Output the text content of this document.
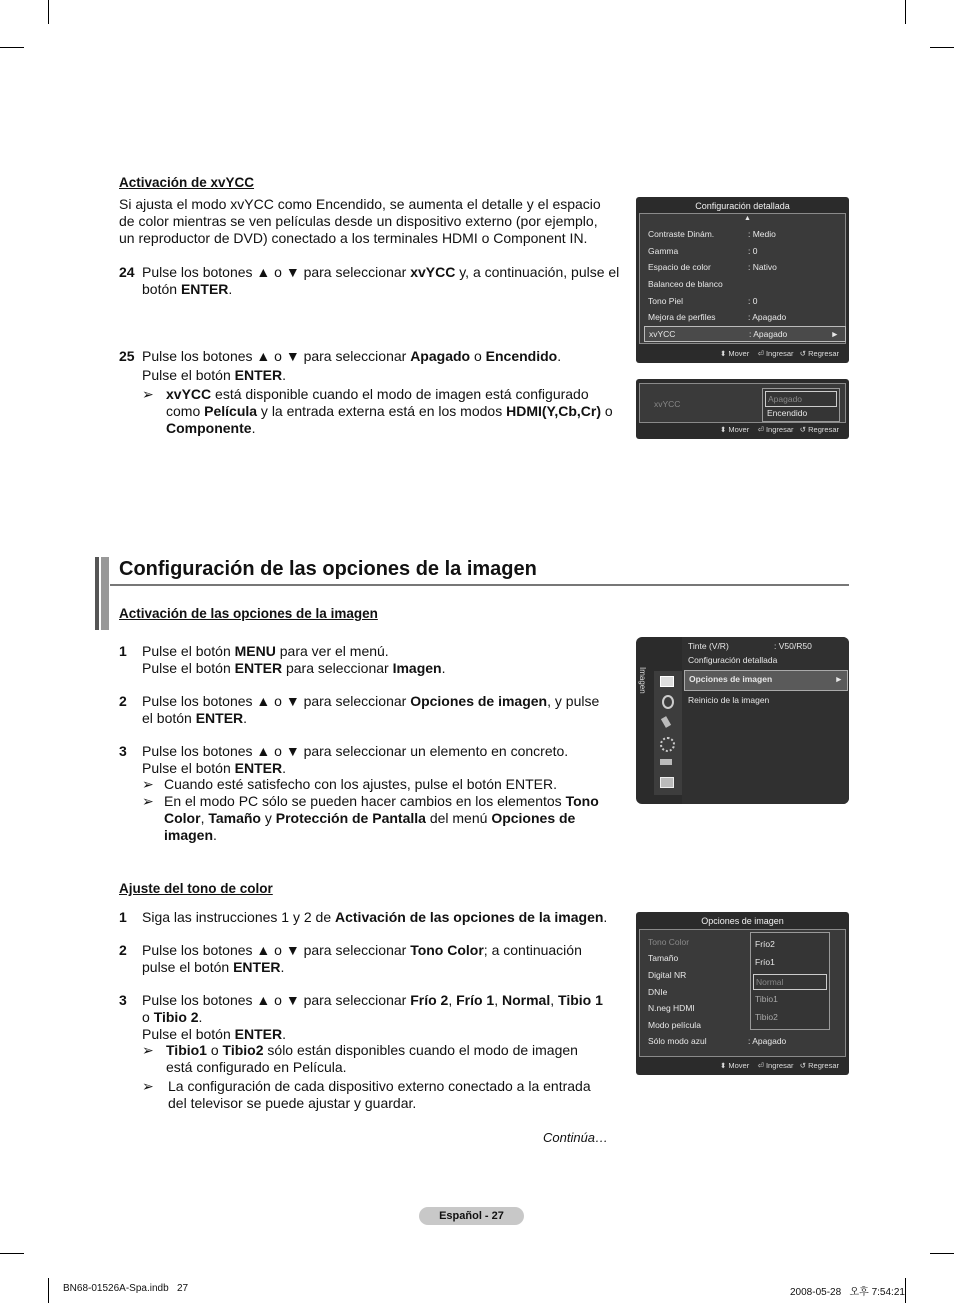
Activación de xvYCC
Si ajusta el modo xvYCC como Encendido, se aumenta el detalle y el espacio de color mientras se ven películas desde un dispositivo externo (por ejemplo, un reproductor de DVD) conectado a los terminales HDMI o Component IN.
24 Pulse los botones ▲ o ▼ para seleccionar xvYCC y, a continuación, pulse el botón ENTER.
25 Pulse los botones ▲ o ▼ para seleccionar Apagado o Encendido.

Pulse el botón ENTER.
➢ xvYCC está disponible cuando el modo de imagen está configurado como Película y la entrada externa está en los modos HDMI(Y,Cb,Cr) o Componente.
Configuración detallada
▲
Contraste Dinám.	: Medio
Gamma	: 0
Espacio de color	: Nativo
Balanceo de blanco
Tono Piel	: 0
Mejora de perfiles	: Apagado
xvYCC	: Apagado	►
⬍ Mover ⏎ Ingresar ↺ Regresar
xvYCC	Apagado
Encendido
⬍ Mover ⏎ Ingresar ↺ Regresar
Configuración de las opciones de la imagen
Activación de las opciones de la imagen
1 Pulse el botón MENU para ver el menú.
Pulse el botón ENTER para seleccionar Imagen.
2 Pulse los botones ▲ o ▼ para seleccionar Opciones de imagen, y pulse el botón ENTER.
3 Pulse los botones ▲ o ▼ para seleccionar un elemento en concreto.
Pulse el botón ENTER.
➢ Cuando esté satisfecho con los ajustes, pulse el botón ENTER.
➢ En el modo PC sólo se pueden hacer cambios en los elementos Tono Color, Tamaño y Protección de Pantalla del menú Opciones de imagen.
Imagen
Tinte (V/R)	: V50/R50
Configuración detallada
Opciones de imagen	►
Reinicio de la imagen
Ajuste del tono de color
1 Siga las instrucciones 1 y 2 de Activación de las opciones de la imagen.
2 Pulse los botones ▲ o ▼ para seleccionar Tono Color; a continuación pulse el botón ENTER.
3 Pulse los botones ▲ o ▼ para seleccionar Frío 2, Frío 1, Normal, Tibio 1 o Tibio 2.
Pulse el botón ENTER.
➢ Tibio1 o Tibio2 sólo están disponibles cuando el modo de imagen está configurado en Película.
➢ La configuración de cada dispositivo externo conectado a la entrada del televisor se puede ajustar y guardar.
Continúa…
Opciones de imagen
Tono Color
Tamaño
Digital NR
DNIe
N.neg HDMI
Modo película
Sólo modo azul	: Apagado
Frío2
Frío1
Normal
Tibio1
Tibio2
⬍ Mover ⏎ Ingresar ↺ Regresar
Español - 27
BN68-01526A-Spa.indb   27	2008-05-28   오후 7:54:21
